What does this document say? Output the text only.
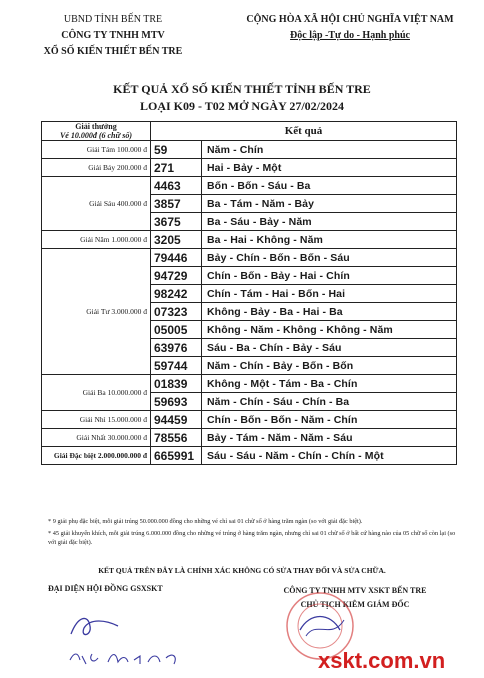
UBND TỈNH BẾN TRE
CÔNG TY TNHH MTV
XỔ SỐ KIẾN THIẾT BẾN TRE
CỘNG HÒA XÃ HỘI CHỦ NGHĨA VIỆT NAM
Độc lập -Tự do - Hạnh phúc
KẾT QUẢ XỔ SỐ KIẾN THIẾT TỈNH BẾN TRE
LOẠI K09 - T02 MỞ NGÀY 27/02/2024
Giải thưởng
Vé 10.000đ (6 chữ số)	Kết quả	
Giải Tám 100.000 đ	59	Năm - Chín
Giải Bảy 200.000 đ	271	Hai - Bảy - Một
Giải Sáu 400.000 đ	4463	Bốn - Bốn - Sáu - Ba
	3857	Ba - Tám - Năm - Bảy
	3675	Ba - Sáu - Bảy - Năm
Giải Năm 1.000.000 đ	3205	Ba - Hai - Không - Năm
Giải Tư 3.000.000 đ	79446	Bảy - Chín - Bốn - Bốn - Sáu
	94729	Chín - Bốn - Bảy - Hai - Chín
	98242	Chín - Tám - Hai - Bốn - Hai
	07323	Không - Bảy - Ba - Hai - Ba
	05005	Không - Năm - Không - Không - Năm
	63976	Sáu - Ba - Chín - Bảy - Sáu
	59744	Năm - Chín - Bảy - Bốn - Bốn
Giải Ba 10.000.000 đ	01839	Không - Một - Tám - Ba - Chín
	59693	Năm - Chín - Sáu - Chín - Ba
Giải Nhì 15.000.000 đ	94459	Chín - Bốn - Bốn - Năm - Chín
Giải Nhất 30.000.000 đ	78556	Bảy - Tám - Năm - Năm - Sáu
Giải Đặc biệt 2.000.000.000 đ	665991	Sáu - Sáu - Năm - Chín - Chín - Một

* 9 giải phụ đặc biệt, mỗi giải trúng 50.000.000 đồng cho những vé chỉ sai 01 chữ số ở hàng trăm ngàn (so với giải đặc biệt).

* 45 giải khuyến khích, mỗi giải trúng 6.000.000 đồng cho những vé trúng ở hàng trăm ngàn, nhưng chỉ sai 01 chữ số ở bất cứ hàng nào của 05 chữ số còn lại (so với giải đặc biệt).

KẾT QUẢ TRÊN ĐÂY LÀ CHÍNH XÁC KHÔNG CÓ SỬA THAY ĐỔI VÀ SỬA CHỮA.
ĐẠI DIỆN HỘI ĐỒNG GSXSKT	CÔNG TY TNHH MTV XSKT BẾN TRE
CHỦ TỊCH KIÊM GIÁM ĐỐC
xskt.com.vn
